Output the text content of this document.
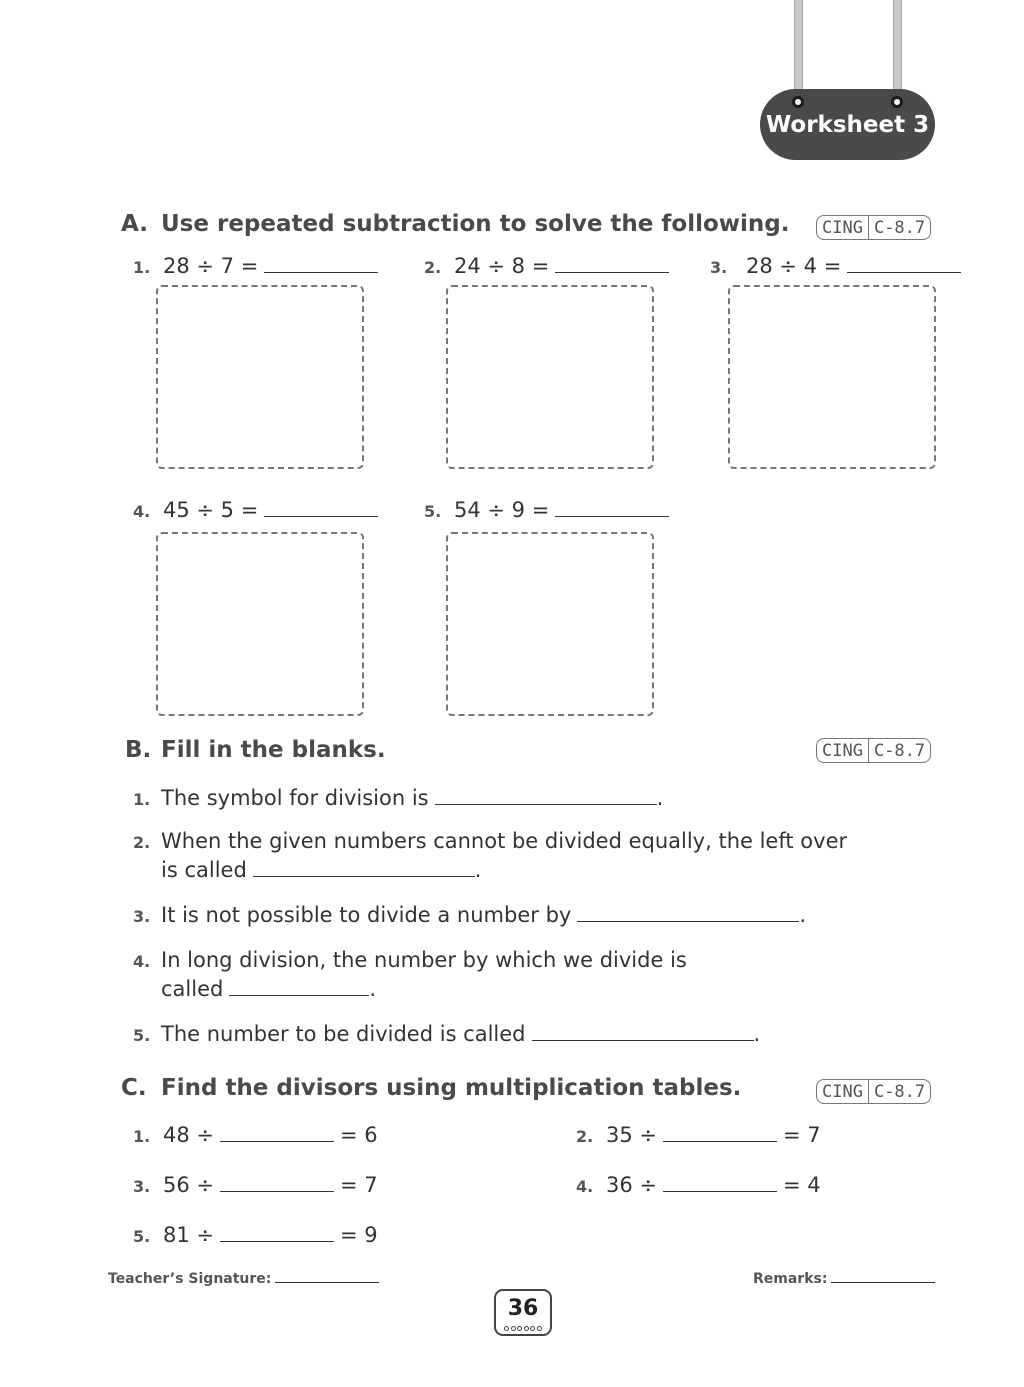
Worksheet 3
A. Use repeated subtraction to solve the following. CING C-8.7
1. 28 ÷ 7 =	2. 24 ÷ 8 =	3. 28 ÷ 4 =
4. 45 ÷ 5 =	5. 54 ÷ 9 =
B. Fill in the blanks.	CING C-8.7
1. The symbol for division is	.
2. When the given numbers cannot be divided equally, the left over
is called	.
3. It is not possible to divide a number by	.
4. In long division, the number by which we divide is
called	.
5. The number to be divided is called	.
C. Find the divisors using multiplication tables.	CING C-8.7
1. 48 ÷	= 6	2. 35 ÷	= 7
3. 56 ÷	= 7	4. 36 ÷	= 4
5. 81 ÷	= 9
Teacher’s Signature:	Remarks:
36
